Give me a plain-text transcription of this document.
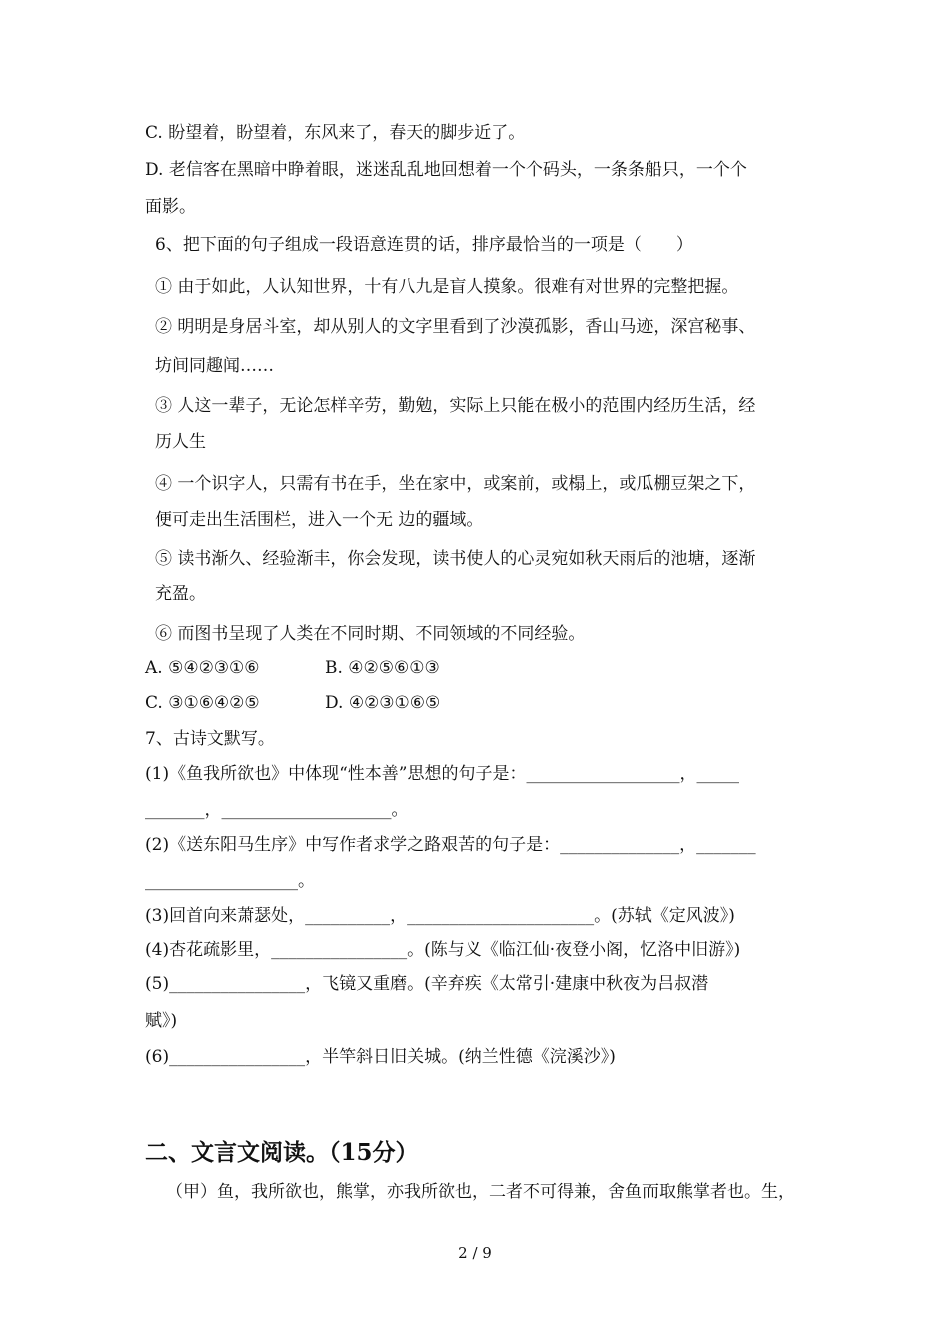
C. 盼望着，盼望着，东风来了，春天的脚步近了。
D. 老信客在黑暗中睁着眼，迷迷乱乱地回想着一个个码头，一条条船只，一个个
面影。
6、把下面的句子组成一段语意连贯的话，排序最恰当的一项是（　　）
① 由于如此，人认知世界，十有八九是盲人摸象。很难有对世界的完整把握。
② 明明是身居斗室，却从别人的文字里看到了沙漠孤影，香山马迹，深宫秘事、
坊间同趣闻……
③ 人这一辈子，无论怎样辛劳，勤勉，实际上只能在极小的范围内经历生活，经
历人生
④ 一个识字人，只需有书在手，坐在家中，或案前，或榻上，或瓜棚豆架之下，
便可走出生活围栏，进入一个无 边的疆域。
⑤ 读书渐久、经验渐丰，你会发现，读书使人的心灵宛如秋天雨后的池塘，逐渐
充盈。
⑥ 而图书呈现了人类在不同时期、不同领域的不同经验。
A. ⑤④②③①⑥	B. ④②⑤⑥①③
C. ③①⑥④②⑤	D. ④②③①⑥⑤
7、古诗文默写。
(1)《鱼我所欲也》中体现“性本善”思想的句子是：__________________，_____
_______，____________________。
(2)《送东阳马生序》中写作者求学之路艰苦的句子是：______________，_______
__________________。
(3)回首向来萧瑟处，__________，______________________。(苏轼《定风波》)
(4)杏花疏影里，________________。(陈与义《临江仙·夜登小阁，忆洛中旧游》)
(5)________________，飞镜又重磨。(辛弃疾《太常引·建康中秋夜为吕叔潜
赋》)
(6)________________，半竿斜日旧关城。(纳兰性德《浣溪沙》)
二、文言文阅读。（15分）
（甲）鱼，我所欲也，熊掌，亦我所欲也，二者不可得兼，舍鱼而取熊掌者也。生，
2 / 9
